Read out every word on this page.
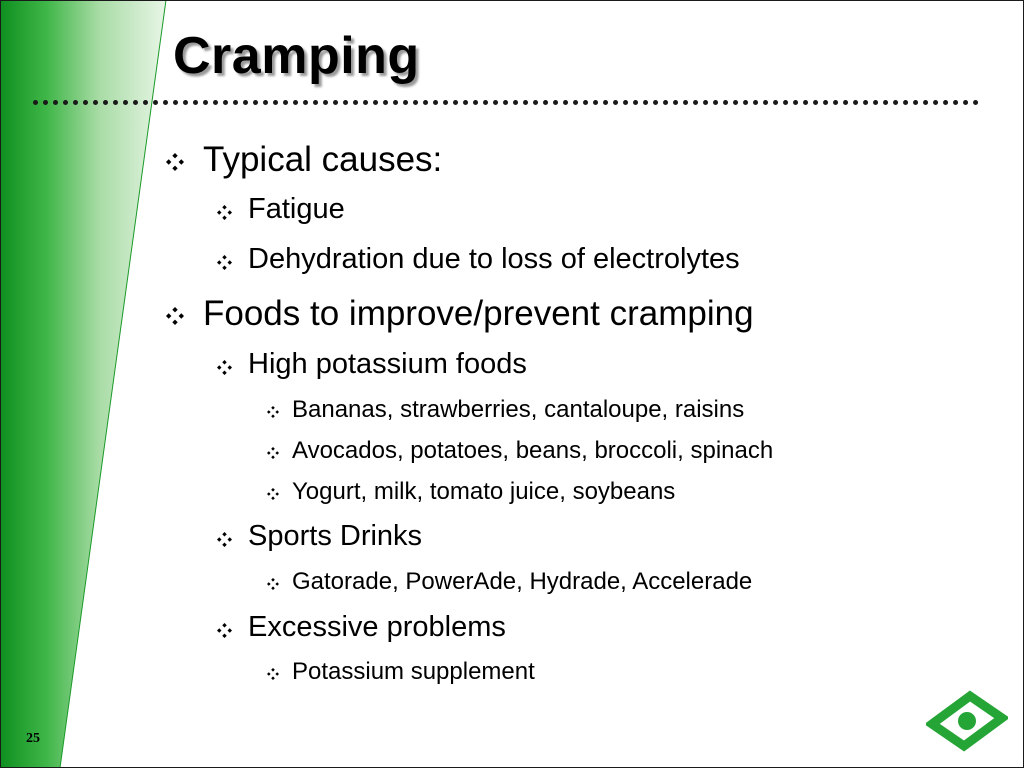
Cramping
Typical causes:
Fatigue
Dehydration due to loss of electrolytes
Foods to improve/prevent cramping
High potassium foods
Bananas, strawberries, cantaloupe, raisins
Avocados, potatoes, beans, broccoli, spinach
Yogurt, milk, tomato juice, soybeans
Sports Drinks
Gatorade, PowerAde, Hydrade, Accelerade
Excessive problems
Potassium supplement
25
